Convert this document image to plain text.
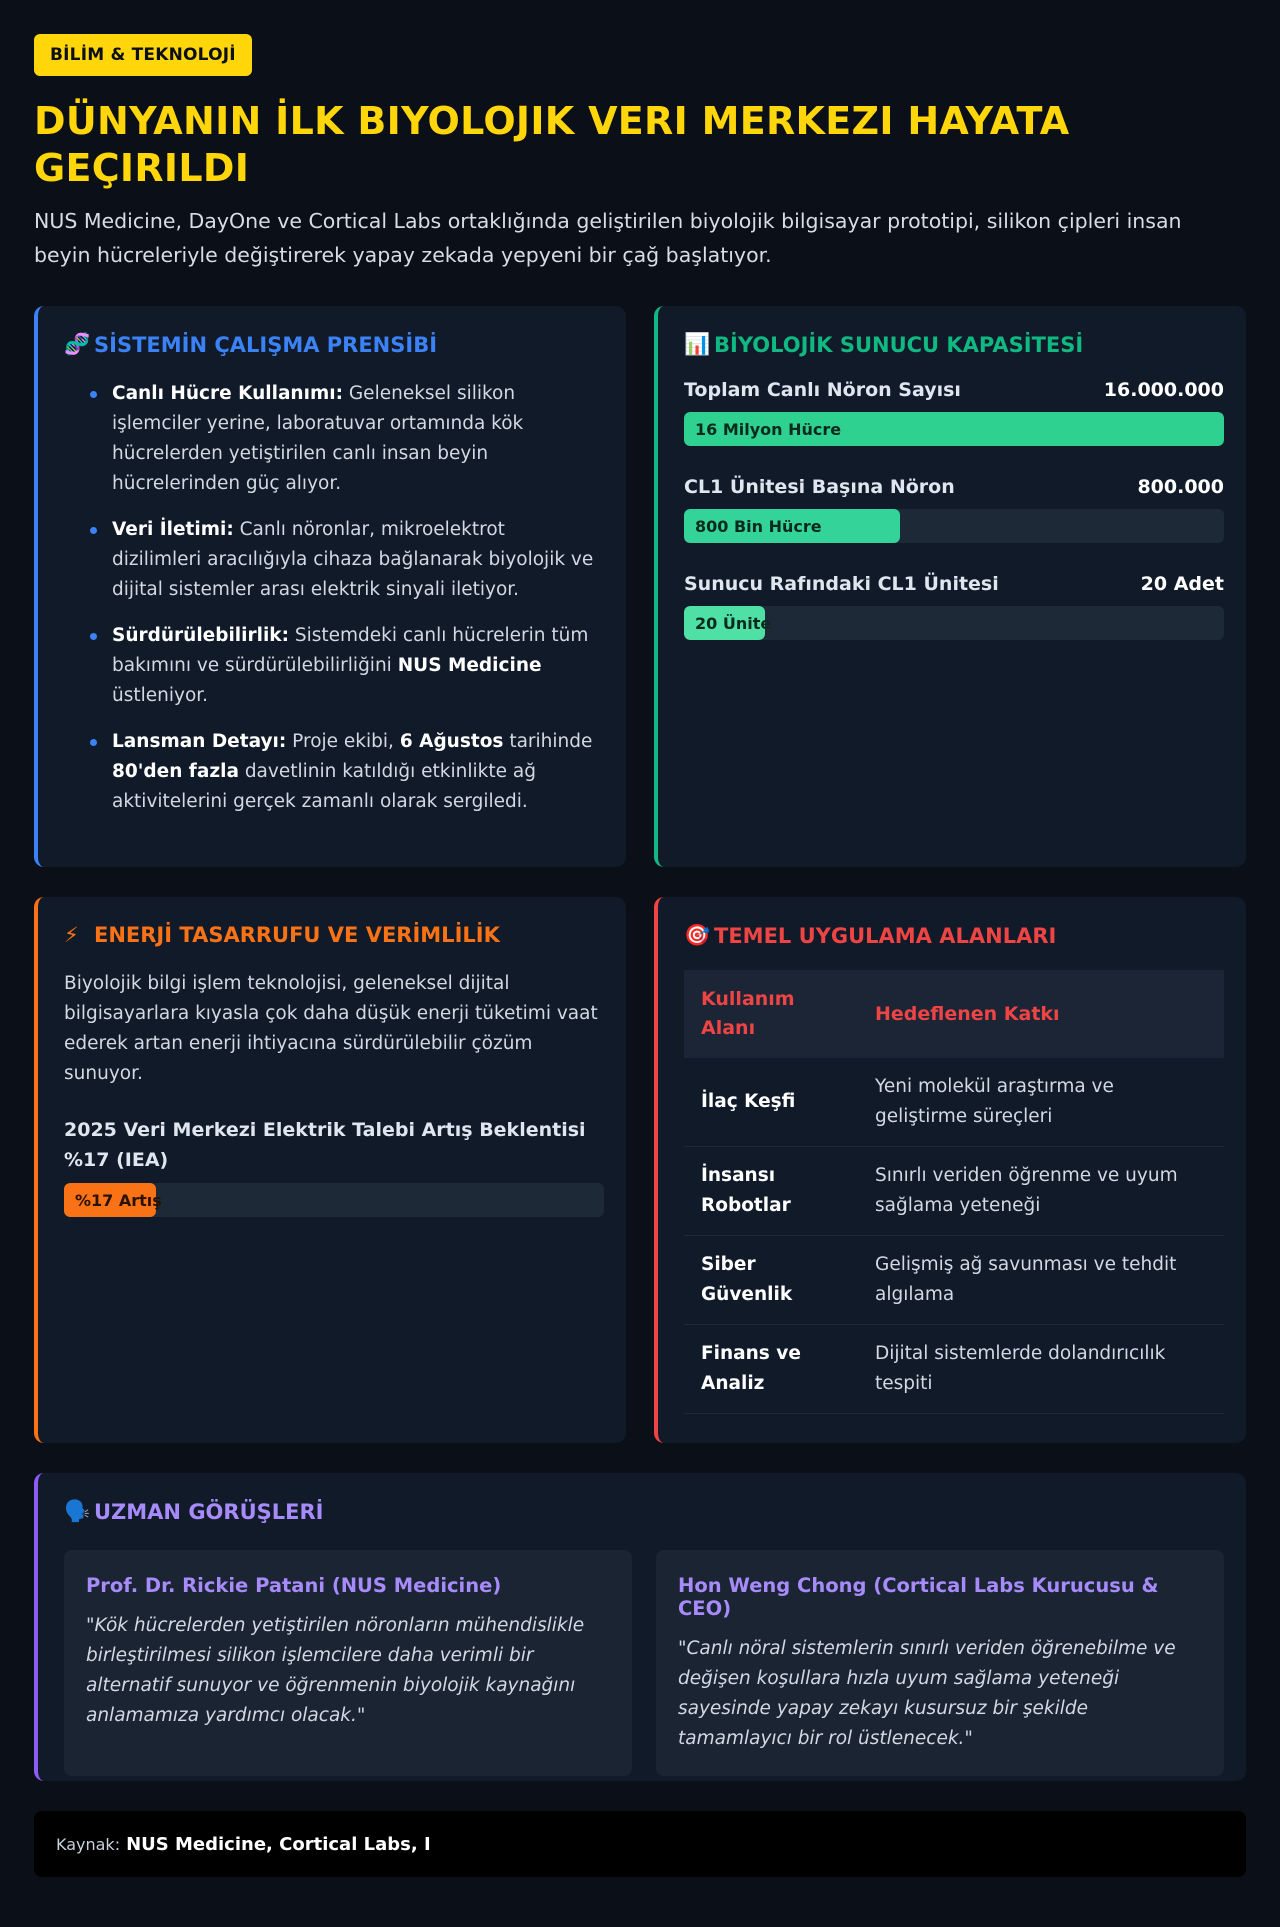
BİLİM & TEKNOLOJİ
DÜNYANIN İLK BIYOLOJIK VERI MERKEZI HAYATA GEÇIRILDI

NUS Medicine, DayOne ve Cortical Labs ortaklığında geliştirilen biyolojik bilgisayar prototipi, silikon çipleri insan beyin hücreleriyle değiştirerek yapay zekada yepyeni bir çağ başlatıyor.

🧬 SİSTEMİN ÇALIŞMA PRENSİBİ
Canlı Hücre Kullanımı: Geleneksel silikon işlemciler yerine, laboratuvar ortamında kök hücrelerden yetiştirilen canlı insan beyin hücrelerinden güç alıyor.
Veri İletimi: Canlı nöronlar, mikroelektrot dizilimleri aracılığıyla cihaza bağlanarak biyolojik ve dijital sistemler arası elektrik sinyali iletiyor.
Sürdürülebilirlik: Sistemdeki canlı hücrelerin tüm bakımını ve sürdürülebilirliğini NUS Medicine üstleniyor.
Lansman Detayı: Proje ekibi, 6 Ağustos tarihinde 80'den fazla davetlinin katıldığı etkinlikte ağ aktivitelerini gerçek zamanlı olarak sergiledi.
📊 BİYOLOJİK SUNUCU KAPASİTESİ
Toplam Canlı Nöron Sayısı	16.000.000
16 Milyon Hücre
CL1 Ünitesi Başına Nöron	800.000
800 Bin Hücre
Sunucu Rafındaki CL1 Ünitesi	20 Adet
20 Ünite
⚡ ENERJİ TASARRUFU VE VERİMLİLİK

Biyolojik bilgi işlem teknolojisi, geleneksel dijital bilgisayarlara kıyasla çok daha düşük enerji tüketimi vaat ederek artan enerji ihtiyacına sürdürülebilir çözüm sunuyor.

2025 Veri Merkezi Elektrik Talebi Artış Beklentisi %17 (IEA)
%17 Artış
🎯 TEMEL UYGULAMA ALANLARI
Kullanım Alanı	Hedeflenen Katkı
İlaç Keşfi	Yeni molekül araştırma ve geliştirme süreçleri
İnsansı Robotlar	Sınırlı veriden öğrenme ve uyum sağlama yeteneği
Siber Güvenlik	Gelişmiş ağ savunması ve tehdit algılama
Finans ve Analiz	Dijital sistemlerde dolandırıcılık tespiti
🗣️ UZMAN GÖRÜŞLERİ
Prof. Dr. Rickie Patani (NUS Medicine)
"Kök hücrelerden yetiştirilen nöronların mühendislikle birleştirilmesi silikon işlemcilere daha verimli bir alternatif sunuyor ve öğrenmenin biyolojik kaynağını anlamamıza yardımcı olacak."
Hon Weng Chong (Cortical Labs Kurucusu & CEO)
"Canlı nöral sistemlerin sınırlı veriden öğrenebilme ve değişen koşullara hızla uyum sağlama yeteneği sayesinde yapay zekayı kusursuz bir şekilde tamamlayıcı bir rol üstlenecek."
Kaynak: NUS Medicine, Cortical Labs, I
